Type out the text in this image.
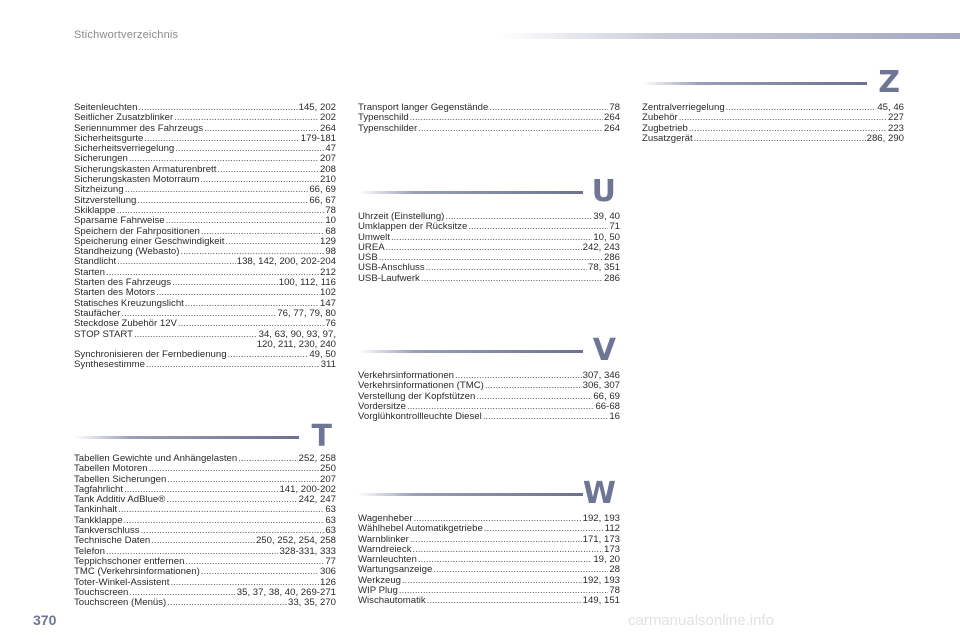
Stichwortverzeichnis
Seitenleuchten .....	145, 202
Seitlicher Zusatzblinker .....	202
Seriennummer des Fahrzeugs .....	264
Sicherheitsgurte .....	179-181
Sicherheitsverriegelung .....	47
Sicherungen .....	207
Sicherungskasten Armaturenbrett .....	208
Sicherungskasten Motorraum .....	210
Sitzheizung .....	66, 69
Sitzverstellung .....	66, 67
Skiklappe .....	78
Sparsame Fahrweise .....	10
Speichern der Fahrpositionen .....	68
Speicherung einer Geschwindigkeit .....	129
Standheizung (Webasto) .....	98
Standlicht .....	138, 142, 200, 202-204
Starten .....	212
Starten des Fahrzeugs .....	100, 112, 116
Starten des Motors .....	102
Statisches Kreuzungslicht .....	147
Staufächer .....	76, 77, 79, 80
Steckdose Zubehör 12V .....	76
STOP START .....	34, 63, 90, 93, 97,
120, 211, 230, 240
Synchronisieren der Fernbedienung .....	49, 50
Synthesestimme .....	311
T
Tabellen Gewichte und Anhängelasten .....	252, 258
Tabellen Motoren .....	250
Tabellen Sicherungen .....	207
Tagfahrlicht .....	141, 200-202
Tank Additiv AdBlue® .....	242, 247
Tankinhalt .....	63
Tankklappe .....	63
Tankverschluss .....	63
Technische Daten .....	250, 252, 254, 258
Telefon .....	328-331, 333
Teppichschoner entfernen .....	77
TMC (Verkehrsinformationen) .....	306
Toter-Winkel-Assistent .....	126
Touchscreen .....	35, 37, 38, 40, 269-271
Touchscreen (Menüs) .....	33, 35, 270
Transport langer Gegenstände .....	78
Typenschild .....	264
Typenschilder .....	264
U
Uhrzeit (Einstellung) .....	39, 40
Umklappen der Rücksitze .....	71
Umwelt .....	10, 50
UREA .....	242, 243
USB .....	286
USB-Anschluss .....	78, 351
USB-Laufwerk .....	286
V
Verkehrsinformationen .....	307, 346
Verkehrsinformationen (TMC) .....	306, 307
Verstellung der Kopfstützen .....	66, 69
Vordersitze .....	66-68
Vorglühkontrollleuchte Diesel .....	16
W
Wagenheber .....	192, 193
Wählhebel Automatikgetriebe .....	112
Warnblinker .....	171, 173
Warndreieck .....	173
Warnleuchten .....	19, 20
Wartungsanzeige .....	28
Werkzeug .....	192, 193
WIP Plug .....	78
Wischautomatik .....	149, 151
Z
Zentralverriegelung .....	45, 46
Zubehör .....	227
Zugbetrieb .....	223
Zusatzgerät .....	286, 290
370	carmanualsonline.info
